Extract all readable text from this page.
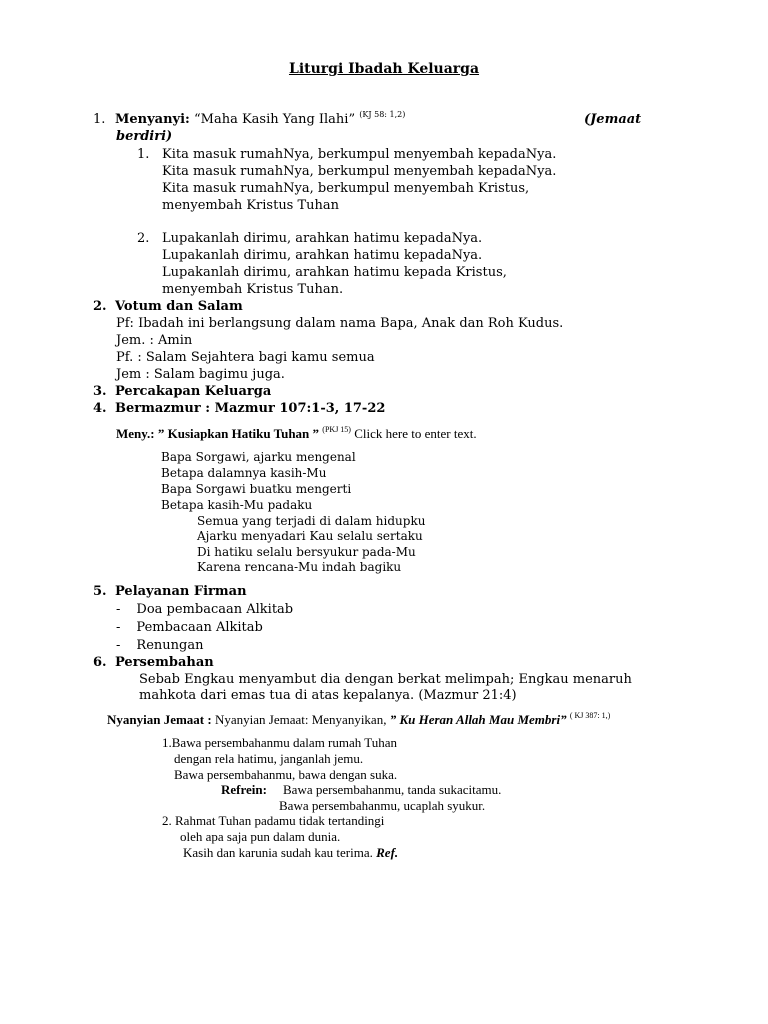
Liturgi Ibadah Keluarga
1. Menyanyi: “Maha Kasih Yang Ilahi” $^{(KJ 58: 1,2)}$	(Jemaat
berdiri)
1. Kita masuk rumahNya, berkumpul menyembah kepadaNya.
Kita masuk rumahNya, berkumpul menyembah kepadaNya.
Kita masuk rumahNya, berkumpul menyembah Kristus,
menyembah Kristus Tuhan
2. Lupakanlah dirimu, arahkan hatimu kepadaNya.
Lupakanlah dirimu, arahkan hatimu kepadaNya.
Lupakanlah dirimu, arahkan hatimu kepada Kristus,
menyembah Kristus Tuhan.
2. Votum dan Salam
Pf: Ibadah ini berlangsung dalam nama Bapa, Anak dan Roh Kudus.
Jem. : Amin
Pf. : Salam Sejahtera bagi kamu semua
Jem : Salam bagimu juga.
3. Percakapan Keluarga
4. Bermazmur : Mazmur 107:1-3, 17-22
Meny.: ” Kusiapkan Hatiku Tuhan ” $^{(PKJ 15)}$ Click here to enter text.
Bapa Sorgawi, ajarku mengenal
Betapa dalamnya kasih-Mu
Bapa Sorgawi buatku mengerti
Betapa kasih-Mu padaku
Semua yang terjadi di dalam hidupku
Ajarku menyadari Kau selalu sertaku
Di hatiku selalu bersyukur pada-Mu
Karena rencana-Mu indah bagiku
5. Pelayanan Firman
- Doa pembacaan Alkitab
- Pembacaan Alkitab
- Renungan
6. Persembahan
Sebab Engkau menyambut dia dengan berkat melimpah; Engkau menaruh
mahkota dari emas tua di atas kepalanya. (Mazmur 21:4)
Nyanyian Jemaat : Nyanyian Jemaat: Menyanyikan, ” Ku Heran Allah Mau Membri” $^{( KJ 387: 1,)}$
1.Bawa persembahanmu dalam rumah Tuhan
dengan rela hatimu, janganlah jemu.
Bawa persembahanmu, bawa dengan suka.
Refrein: Bawa persembahanmu, tanda sukacitamu.
Bawa persembahanmu, ucaplah syukur.
2. Rahmat Tuhan padamu tidak tertandingi
oleh apa saja pun dalam dunia.
Kasih dan karunia sudah kau terima. Ref.
